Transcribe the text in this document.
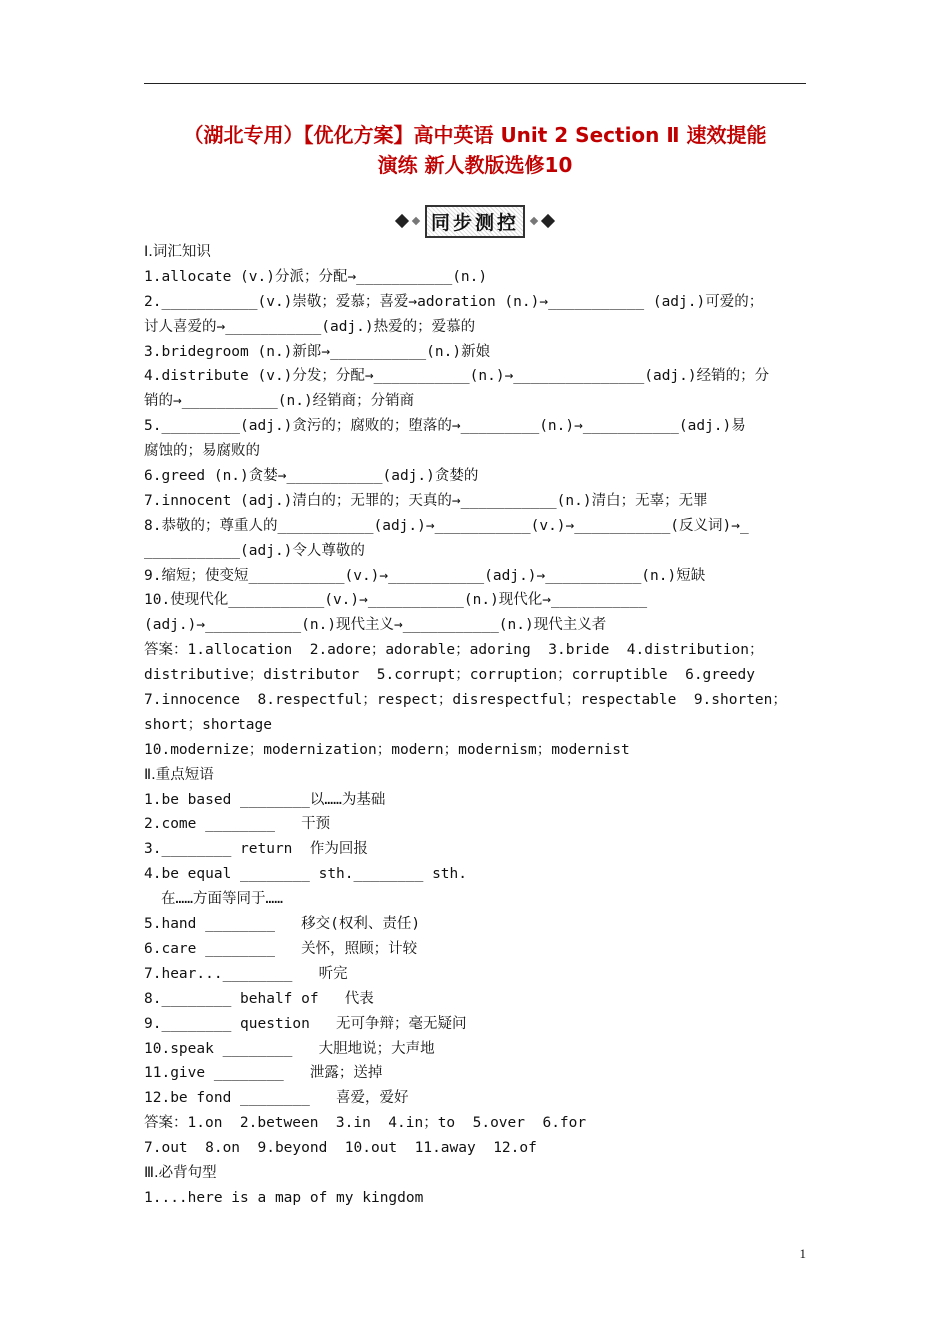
（湖北专用）【优化方案】高中英语 Unit 2 Section Ⅱ 速效提能
演练 新人教版选修10
同步测控
Ⅰ.词汇知识
1.allocate (v.)分派；分配→___________(n.)
2.___________(v.)崇敬；爱慕；喜爱→adoration (n.)→___________ (adj.)可爱的；
讨人喜爱的→___________(adj.)热爱的；爱慕的
3.bridegroom (n.)新郎→___________(n.)新娘
4.distribute (v.)分发；分配→___________(n.)→_______________(adj.)经销的；分
销的→___________(n.)经销商；分销商
5._________(adj.)贪污的；腐败的；堕落的→_________(n.)→___________(adj.)易
腐蚀的；易腐败的
6.greed (n.)贪婪→___________(adj.)贪婪的
7.innocent (adj.)清白的；无罪的；天真的→___________(n.)清白；无辜；无罪
8.恭敬的；尊重人的___________(adj.)→___________(v.)→___________(反义词)→_
___________(adj.)令人尊敬的
9.缩短；使变短___________(v.)→___________(adj.)→___________(n.)短缺
10.使现代化___________(v.)→___________(n.)现代化→___________
(adj.)→___________(n.)现代主义→___________(n.)现代主义者
答案：1.allocation  2.adore；adorable；adoring  3.bride  4.distribution；
distributive；distributor  5.corrupt；corruption；corruptible  6.greedy
7.innocence  8.respectful；respect；disrespectful；respectable  9.shorten；
short；shortage
10.modernize；modernization；modern；modernism；modernist
Ⅱ.重点短语
1.be based ________以……为基础
2.come ________   干预
3.________ return  作为回报
4.be equal ________ sth.________ sth.
在……方面等同于……
5.hand ________   移交(权利、责任)
6.care ________   关怀，照顾；计较
7.hear...________   听完
8.________ behalf of   代表
9.________ question   无可争辩；毫无疑问
10.speak ________   大胆地说；大声地
11.give ________   泄露；送掉
12.be fond ________   喜爱，爱好
答案：1.on  2.between  3.in  4.in；to  5.over  6.for
7.out  8.on  9.beyond  10.out  11.away  12.of
Ⅲ.必背句型
1....here is a map of my kingdom
1
